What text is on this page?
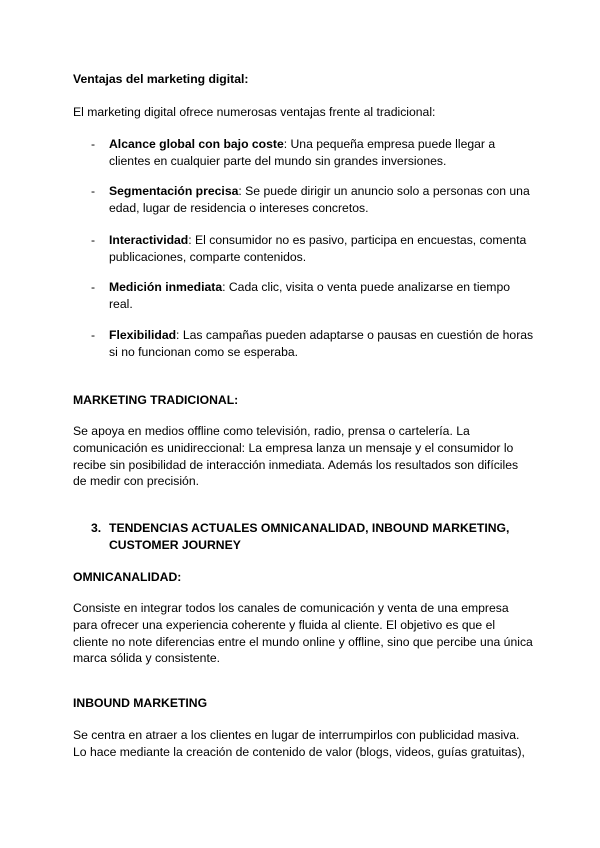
Ventajas del marketing digital:
El marketing digital ofrece numerosas ventajas frente al tradicional:
- Alcance global con bajo coste: Una pequeña empresa puede llegar a clientes en cualquier parte del mundo sin grandes inversiones.
- Segmentación precisa: Se puede dirigir un anuncio solo a personas con una edad, lugar de residencia o intereses concretos.
- Interactividad: El consumidor no es pasivo, participa en encuestas, comenta publicaciones, comparte contenidos.
- Medición inmediata: Cada clic, visita o venta puede analizarse en tiempo real.
- Flexibilidad: Las campañas pueden adaptarse o pausas en cuestión de horas si no funcionan como se esperaba.
MARKETING TRADICIONAL:
Se apoya en medios offline como televisión, radio, prensa o cartelería. La comunicación es unidireccional: La empresa lanza un mensaje y el consumidor lo recibe sin posibilidad de interacción inmediata. Además los resultados son difíciles de medir con precisión.
3. TENDENCIAS ACTUALES OMNICANALIDAD, INBOUND MARKETING, CUSTOMER JOURNEY
OMNICANALIDAD:
Consiste en integrar todos los canales de comunicación y venta de una empresa para ofrecer una experiencia coherente y fluida al cliente. El objetivo es que el cliente no note diferencias entre el mundo online y offline, sino que percibe una única marca sólida y consistente.
INBOUND MARKETING
Se centra en atraer a los clientes en lugar de interrumpirlos con publicidad masiva. Lo hace mediante la creación de contenido de valor (blogs, videos, guías gratuitas),
